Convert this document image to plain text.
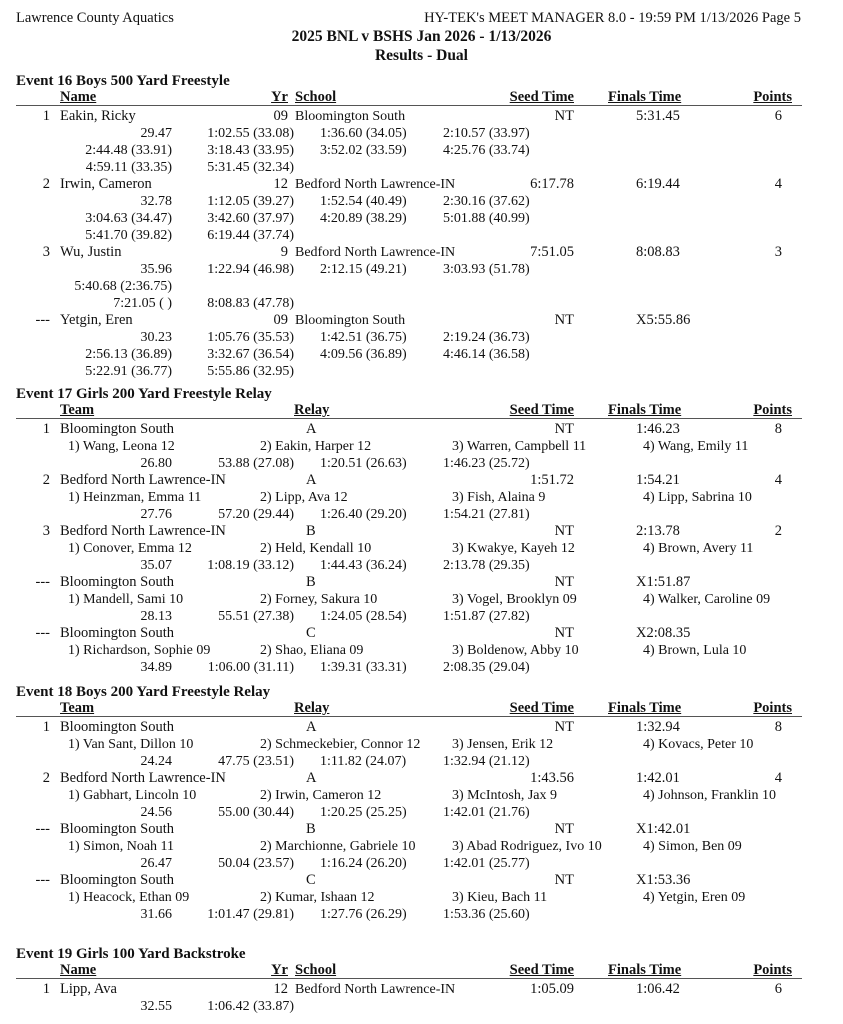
Lawrence County Aquatics	HY-TEK's MEET MANAGER 8.0 - 19:59 PM 1/13/2026 Page 5
2025 BNL v BSHS Jan 2026 - 1/13/2026
Results - Dual
Event 16 Boys 500 Yard Freestyle
Name	Yr School	Seed Time Finals Time	Points
1 Eakin, Ricky	09 Bloomington South	NT	5:31.45	6
29.47	1:02.55 (33.08) 1:36.60 (34.05)	2:10.57 (33.97)
2:44.48 (33.91)	3:18.43 (33.95) 3:52.02 (33.59)	4:25.76 (33.74)
4:59.11 (33.35)	5:31.45 (32.34)
2 Irwin, Cameron	12 Bedford North Lawrence-IN	6:17.78	6:19.44	4
32.78	1:12.05 (39.27) 1:52.54 (40.49)	2:30.16 (37.62)
3:04.63 (34.47)	3:42.60 (37.97) 4:20.89 (38.29)	5:01.88 (40.99)
5:41.70 (39.82)	6:19.44 (37.74)
3 Wu, Justin	9 Bedford North Lawrence-IN	7:51.05	8:08.83	3
35.96	1:22.94 (46.98) 2:12.15 (49.21)	3:03.93 (51.78)
5:40.68 (2:36.75)
7:21.05 ( )	8:08.83 (47.78)
--- Yetgin, Eren	09 Bloomington South	NT	X5:55.86
30.23	1:05.76 (35.53) 1:42.51 (36.75)	2:19.24 (36.73)
2:56.13 (36.89)	3:32.67 (36.54) 4:09.56 (36.89)	4:46.14 (36.58)
5:22.91 (36.77)	5:55.86 (32.95)
Event 17 Girls 200 Yard Freestyle Relay
Team	Relay	Seed Time Finals Time	Points
1 Bloomington South	A	NT	1:46.23	8
1) Wang, Leona 12	2) Eakin, Harper 12	3) Warren, Campbell 11	4) Wang, Emily 11
26.80	53.88 (27.08) 1:20.51 (26.63)	1:46.23 (25.72)
2 Bedford North Lawrence-IN	A	1:51.72	1:54.21	4
1) Heinzman, Emma 11	2) Lipp, Ava 12	3) Fish, Alaina 9	4) Lipp, Sabrina 10
27.76	57.20 (29.44) 1:26.40 (29.20)	1:54.21 (27.81)
3 Bedford North Lawrence-IN	B	NT	2:13.78	2
1) Conover, Emma 12	2) Held, Kendall 10	3) Kwakye, Kayeh 12	4) Brown, Avery 11
35.07	1:08.19 (33.12) 1:44.43 (36.24)	2:13.78 (29.35)
--- Bloomington South	B	NT	X1:51.87
1) Mandell, Sami 10	2) Forney, Sakura 10	3) Vogel, Brooklyn 09	4) Walker, Caroline 09
28.13	55.51 (27.38) 1:24.05 (28.54)	1:51.87 (27.82)
--- Bloomington South	C	NT	X2:08.35
1) Richardson, Sophie 09	2) Shao, Eliana 09	3) Boldenow, Abby 10	4) Brown, Lula 10
34.89	1:06.00 (31.11) 1:39.31 (33.31)	2:08.35 (29.04)
Event 18 Boys 200 Yard Freestyle Relay
Team	Relay	Seed Time Finals Time	Points
1 Bloomington South	A	NT	1:32.94	8
1) Van Sant, Dillon 10	2) Schmeckebier, Connor 12 3) Jensen, Erik 12	4) Kovacs, Peter 10
24.24	47.75 (23.51) 1:11.82 (24.07)	1:32.94 (21.12)
2 Bedford North Lawrence-IN	A	1:43.56	1:42.01	4
1) Gabhart, Lincoln 10	2) Irwin, Cameron 12	3) McIntosh, Jax 9	4) Johnson, Franklin 10
24.56	55.00 (30.44) 1:20.25 (25.25)	1:42.01 (21.76)
--- Bloomington South	B	NT	X1:42.01
1) Simon, Noah 11	2) Marchionne, Gabriele 10	3) Abad Rodriguez, Ivo 10	4) Simon, Ben 09
26.47	50.04 (23.57) 1:16.24 (26.20)	1:42.01 (25.77)
--- Bloomington South	C	NT	X1:53.36
1) Heacock, Ethan 09	2) Kumar, Ishaan 12	3) Kieu, Bach 11	4) Yetgin, Eren 09
31.66	1:01.47 (29.81) 1:27.76 (26.29)	1:53.36 (25.60)
Event 19 Girls 100 Yard Backstroke
Name	Yr School	Seed Time Finals Time	Points
1 Lipp, Ava	12 Bedford North Lawrence-IN	1:05.09	1:06.42	6
32.55	1:06.42 (33.87)
